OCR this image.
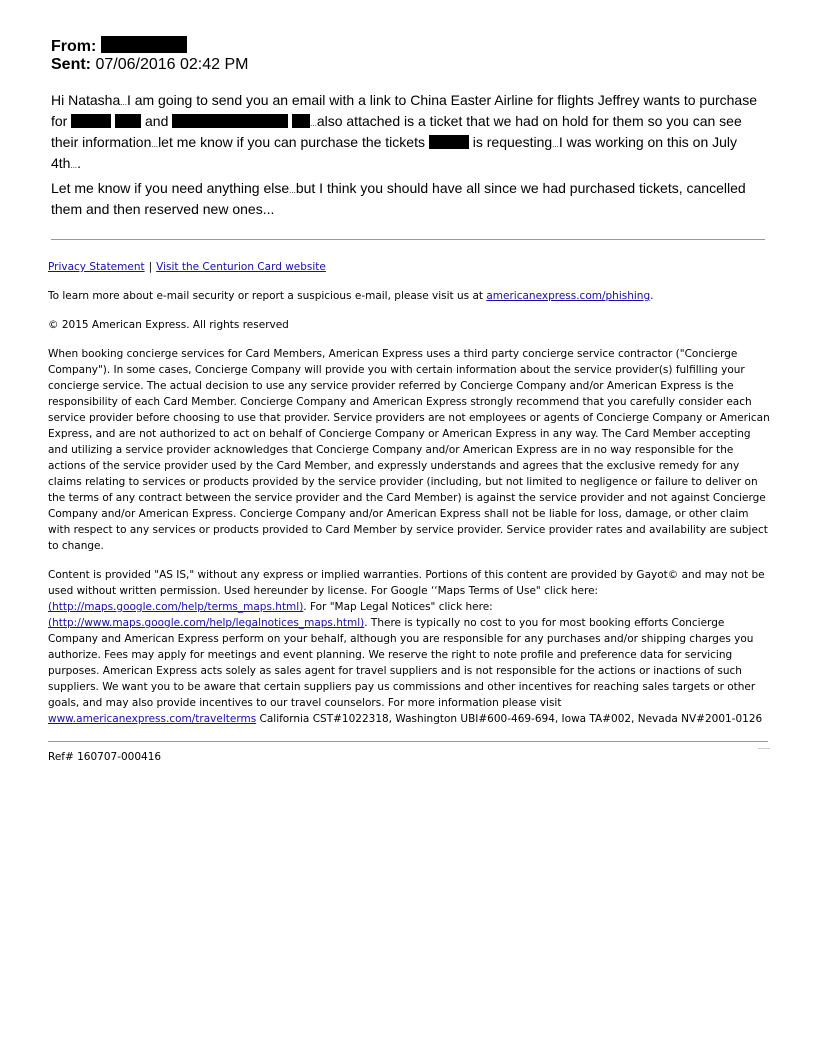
From:
Sent: 07/06/2016 02:42 PM
Hi Natasha...I am going to send you an email with a link to China Easter Airline for flights Jeffrey wants to purchase
for	and	...also attached is a ticket that we had on hold for them so you can see
their information...let me know if you can purchase the tickets	is requesting...I was working on this on July
4th....
Let me know if you need anything else...but I think you should have all since we had purchased tickets, cancelled
them and then reserved new ones...
Privacy Statement | Visit the Centurion Card website
To learn more about e-mail security or report a suspicious e-mail, please visit us at americanexpress.com/phishing.
© 2015 American Express. All rights reserved
When booking concierge services for Card Members, American Express uses a third party concierge service contractor ("Concierge Company"). In some cases, Concierge Company will provide you with certain information about the service provider(s) fulfilling your concierge service. The actual decision to use any service provider referred by Concierge Company and/or American Express is the responsibility of each Card Member. Concierge Company and American Express strongly recommend that you carefully consider each service provider before choosing to use that provider. Service providers are not employees or agents of Concierge Company or American Express, and are not authorized to act on behalf of Concierge Company or American Express in any way. The Card Member accepting and utilizing a service provider acknowledges that Concierge Company and/or American Express are in no way responsible for the actions of the service provider used by the Card Member, and expressly understands and agrees that the exclusive remedy for any claims relating to services or products provided by the service provider (including, but not limited to negligence or failure to deliver on the terms of any contract between the service provider and the Card Member) is against the service provider and not against Concierge Company and/or American Express. Concierge Company and/or American Express shall not be liable for loss, damage, or other claim with respect to any services or products provided to Card Member by service provider. Service provider rates and availability are subject to change.
Content is provided "AS IS," without any express or implied warranties. Portions of this content are provided by Gayot© and may not be used without written permission. Used hereunder by license. For Google ‘‘Maps Terms of Use" click here: (http://maps.google.com/help/terms_maps.html). For "Map Legal Notices" click here: (http://www.maps.google.com/help/legalnotices_maps.html). There is typically no cost to you for most booking efforts Concierge Company and American Express perform on your behalf, although you are responsible for any purchases and/or shipping charges you authorize. Fees may apply for meetings and event planning. We reserve the right to note profile and preference data for servicing purposes. American Express acts solely as sales agent for travel suppliers and is not responsible for the actions or inactions of such suppliers. We want you to be aware that certain suppliers pay us commissions and other incentives for reaching sales targets or other goals, and may also provide incentives to our travel counselors. For more information please visit www.americanexpress.com/travelterms California CST#1022318, Washington UBI#600-469-694, Iowa TA#002, Nevada NV#2001-0126
Ref# 160707-000416
